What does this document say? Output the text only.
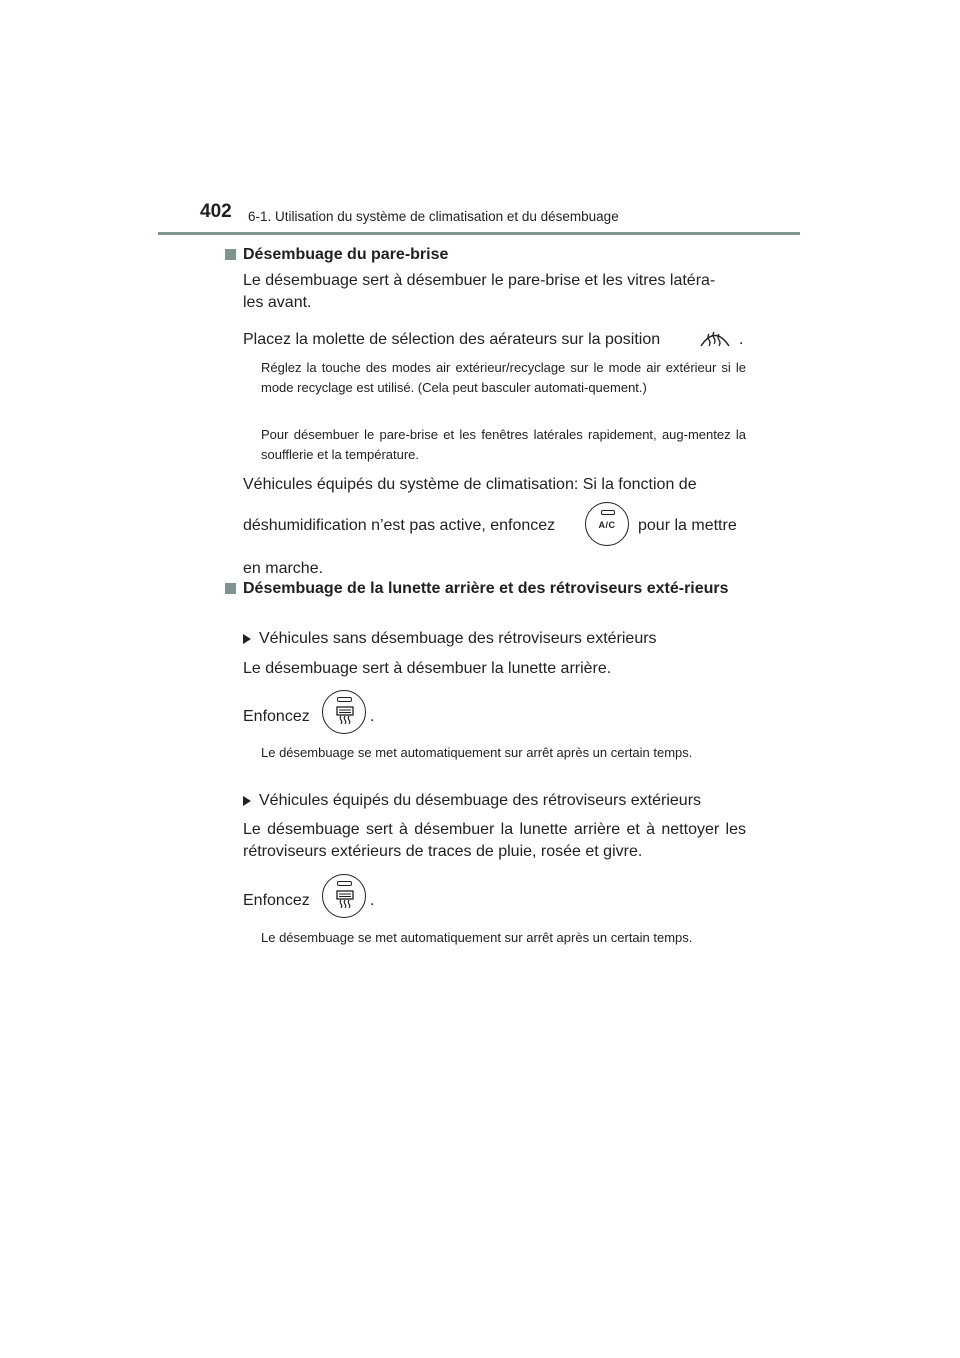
402 6-1. Utilisation du système de climatisation et du désembuage
Désembuage du pare-brise
Le désembuage sert à désembuer le pare-brise et les vitres latéra-
les avant.
Placez la molette de sélection des aérateurs sur la position	.
Réglez la touche des modes air extérieur/recyclage sur le mode air extérieur si le mode recyclage est utilisé. (Cela peut basculer automati-quement.)
Pour désembuer le pare-brise et les fenêtres latérales rapidement, aug-mentez la soufflerie et la température.
Véhicules équipés du système de climatisation: Si la fonction de
déshumidification n’est pas active, enfoncez	A/C	pour la mettre
en marche.
Désembuage de la lunette arrière et des rétroviseurs exté-rieurs
Véhicules sans désembuage des rétroviseurs extérieurs
Le désembuage sert à désembuer la lunette arrière.
Enfoncez	.
Le désembuage se met automatiquement sur arrêt après un certain temps.
Véhicules équipés du désembuage des rétroviseurs extérieurs
Le désembuage sert à désembuer la lunette arrière et à nettoyer les rétroviseurs extérieurs de traces de pluie, rosée et givre.
Enfoncez	.
Le désembuage se met automatiquement sur arrêt après un certain temps.
